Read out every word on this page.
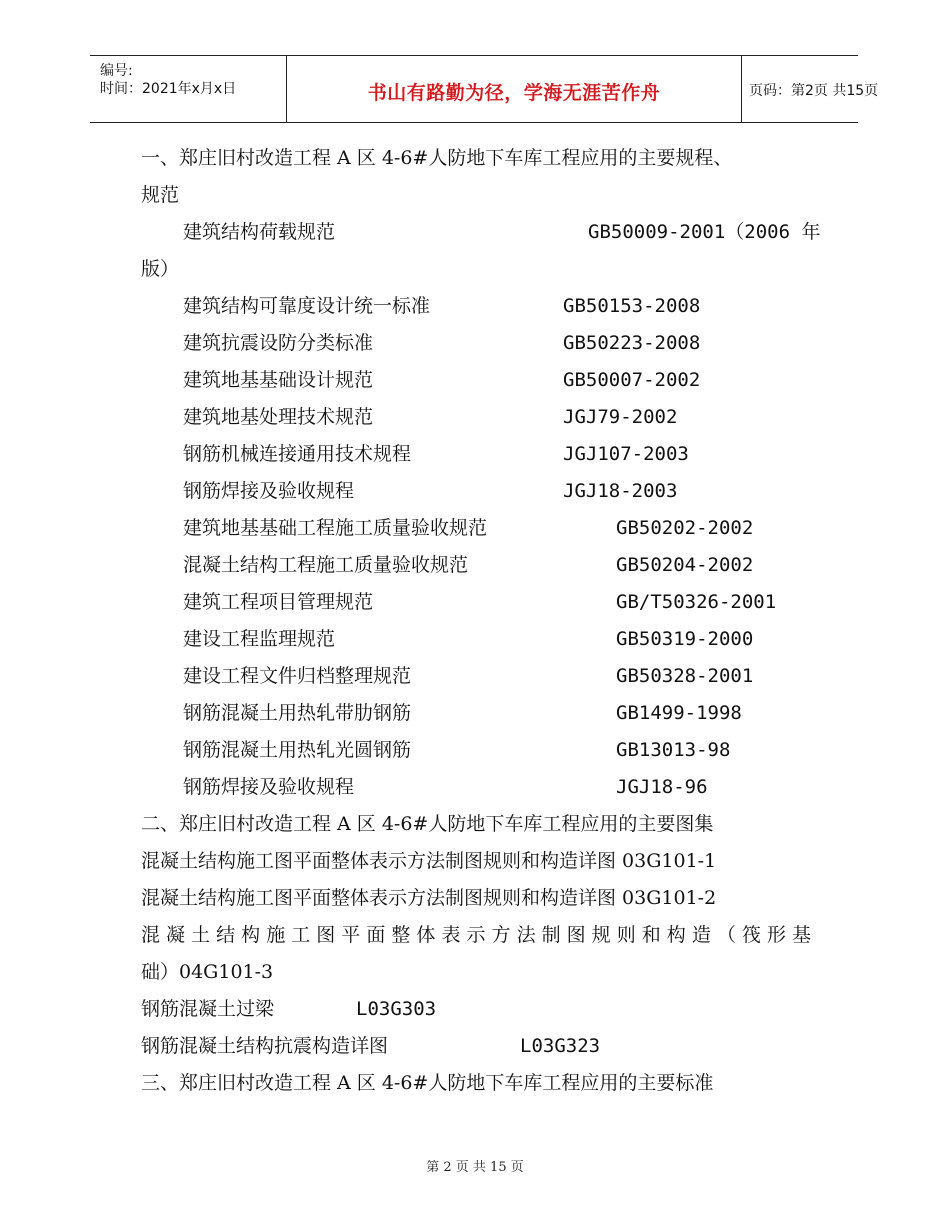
编号:
时间：2021年x月x日	书山有路勤为径，学海无涯苦作舟	页码：第2页 共15页
一、郑庄旧村改造工程 A 区 4-6#人防地下车库工程应用的主要规程、
规范
建筑结构荷载规范	GB50009-2001（2006 年
版）
建筑结构可靠度设计统一标准	GB50153-2008
建筑抗震设防分类标准	GB50223-2008
建筑地基基础设计规范	GB50007-2002
建筑地基处理技术规范	JGJ79-2002
钢筋机械连接通用技术规程	JGJ107-2003
钢筋焊接及验收规程	JGJ18-2003
建筑地基基础工程施工质量验收规范	GB50202-2002
混凝土结构工程施工质量验收规范	GB50204-2002
建筑工程项目管理规范	GB/T50326-2001
建设工程监理规范	GB50319-2000
建设工程文件归档整理规范	GB50328-2001
钢筋混凝土用热轧带肋钢筋	GB1499-1998
钢筋混凝土用热轧光圆钢筋	GB13013-98
钢筋焊接及验收规程	JGJ18-96
二、郑庄旧村改造工程 A 区 4-6#人防地下车库工程应用的主要图集
混凝土结构施工图平面整体表示方法制图规则和构造详图 03G101-1
混凝土结构施工图平面整体表示方法制图规则和构造详图 03G101-2
混凝土结构施工图平面整体表示方法制图规则和构造（筏形基
础）04G101-3
钢筋混凝土过梁	L03G303
钢筋混凝土结构抗震构造详图	L03G323
三、郑庄旧村改造工程 A 区 4-6#人防地下车库工程应用的主要标准
第 2 页 共 15 页
